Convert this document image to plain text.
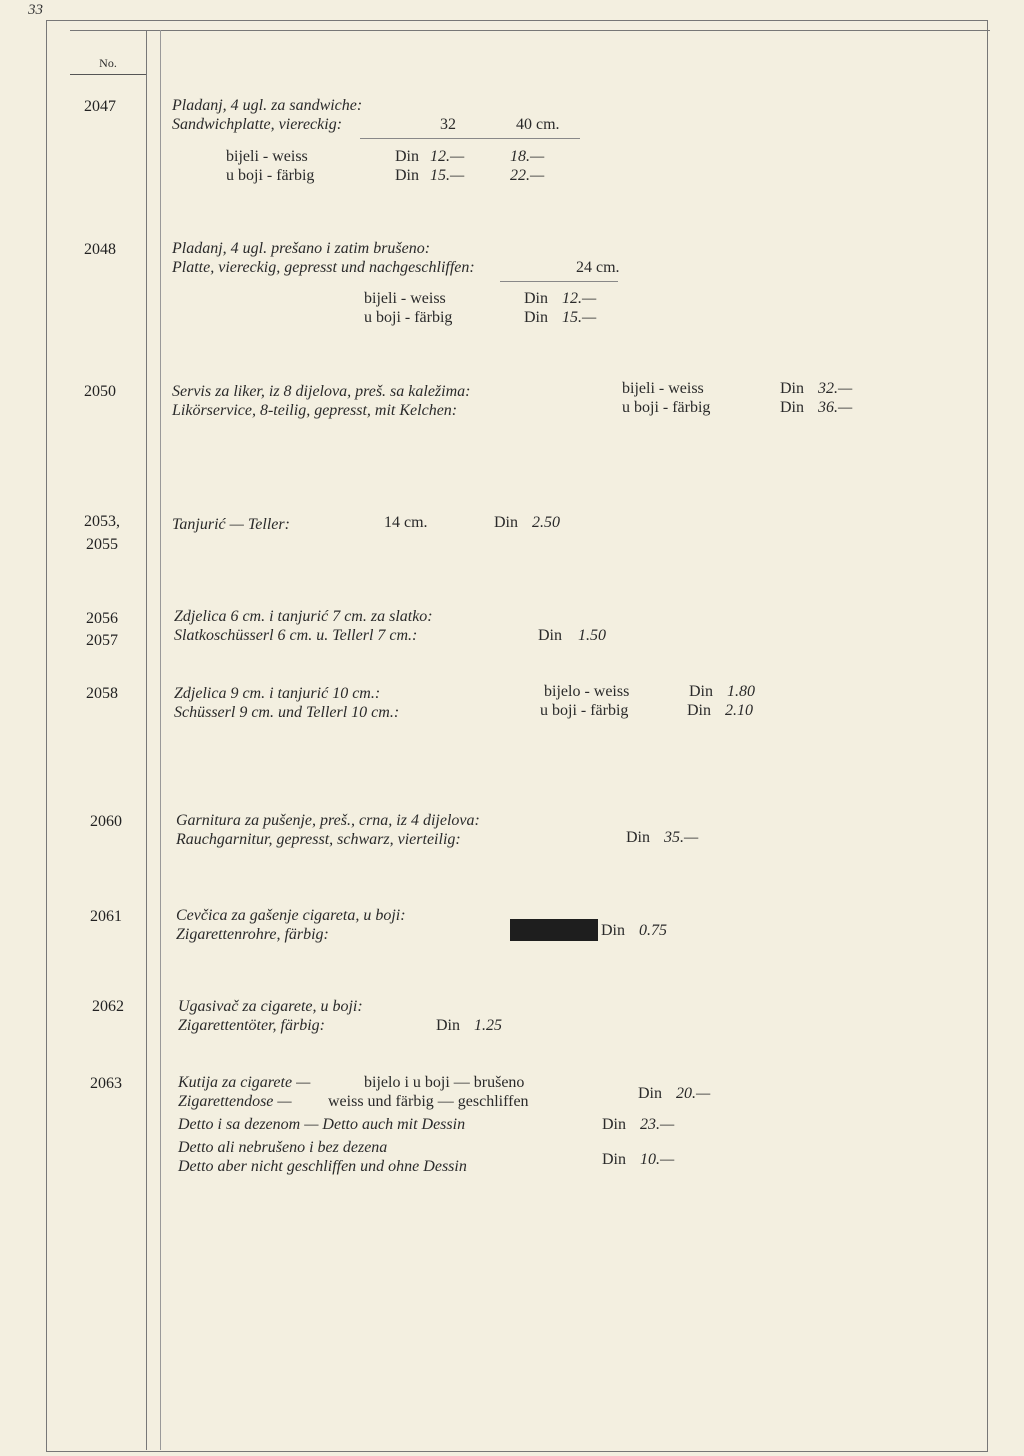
33
No.
2047	Pladanj, 4 ugl. za sandwiche:
Sandwichplatte, viereckig:	32	40 cm.
bijeli - weiss	Din 12.—	18.—
u boji - färbig	Din 15.—	22.—
2048	Pladanj, 4 ugl. prešano i zatim brušeno:
Platte, viereckig, gepresst und nachgeschliffen:	24 cm.
bijeli - weiss	Din 12.—
u boji - färbig	Din 15.—
2050	Servis za liker, iz 8 dijelova, preš. sa kaležima:
Likörservice, 8-teilig, gepresst, mit Kelchen:
bijeli - weiss	Din 32.—
u boji - färbig	Din 36.—
2053,
2055
Tanjurić — Teller:	14 cm.	Din 2.50
2056
2057
Zdjelica 6 cm. i tanjurić 7 cm. za slatko:
Slatkoschüsserl 6 cm. u. Tellerl 7 cm.:	Din 1.50
2058	Zdjelica 9 cm. i tanjurić 10 cm.:
Schüsserl 9 cm. und Tellerl 10 cm.:
bijelo - weiss	Din 1.80
u boji - färbig	Din 2.10
2060	Garnitura za pušenje, preš., crna, iz 4 dijelova:
Rauchgarnitur, gepresst, schwarz, vierteilig:	Din 35.—
2061	Cevčica za gašenje cigareta, u boji:
Zigarettenrohre, färbig:	Din 0.75
2062	Ugasivač za cigarete, u boji:
Zigarettentöter, färbig:	Din 1.25
2063	Kutija za cigarete —	bijelo i u boji — brušeno
Zigarettendose — weiss und färbig — geschliffen	Din 20.—
Detto i sa dezenom — Detto auch mit Dessin	Din 23.—
Detto ali nebrušeno i bez dezena
Detto aber nicht geschliffen und ohne Dessin	Din 10.—
